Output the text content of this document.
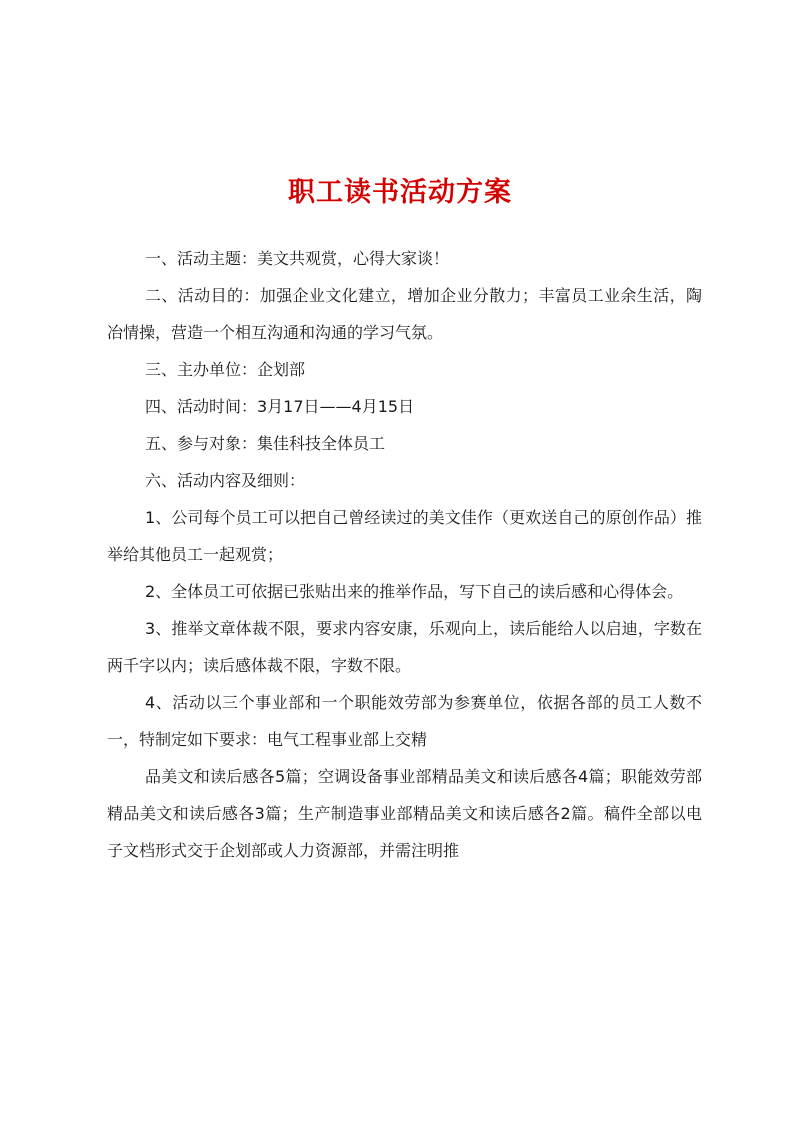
职工读书活动方案

一、活动主题：美文共观赏，心得大家谈！

二、活动目的：加强企业文化建立，增加企业分散力；丰富员工业余生活，陶冶情操，营造一个相互沟通和沟通的学习气氛。

三、主办单位：企划部

四、活动时间：3月17日——4月15日

五、参与对象：集佳科技全体员工

六、活动内容及细则：

1、公司每个员工可以把自己曾经读过的美文佳作（更欢送自己的原创作品）推举给其他员工一起观赏；

2、全体员工可依据已张贴出来的推举作品，写下自己的读后感和心得体会。

3、推举文章体裁不限，要求内容安康，乐观向上，读后能给人以启迪，字数在两千字以内；读后感体裁不限，字数不限。

4、活动以三个事业部和一个职能效劳部为参赛单位，依据各部的员工人数不一，特制定如下要求：电气工程事业部上交精

品美文和读后感各5篇；空调设备事业部精品美文和读后感各4篇；职能效劳部精品美文和读后感各3篇；生产制造事业部精品美文和读后感各2篇。稿件全部以电子文档形式交于企划部或人力资源部，并需注明推
